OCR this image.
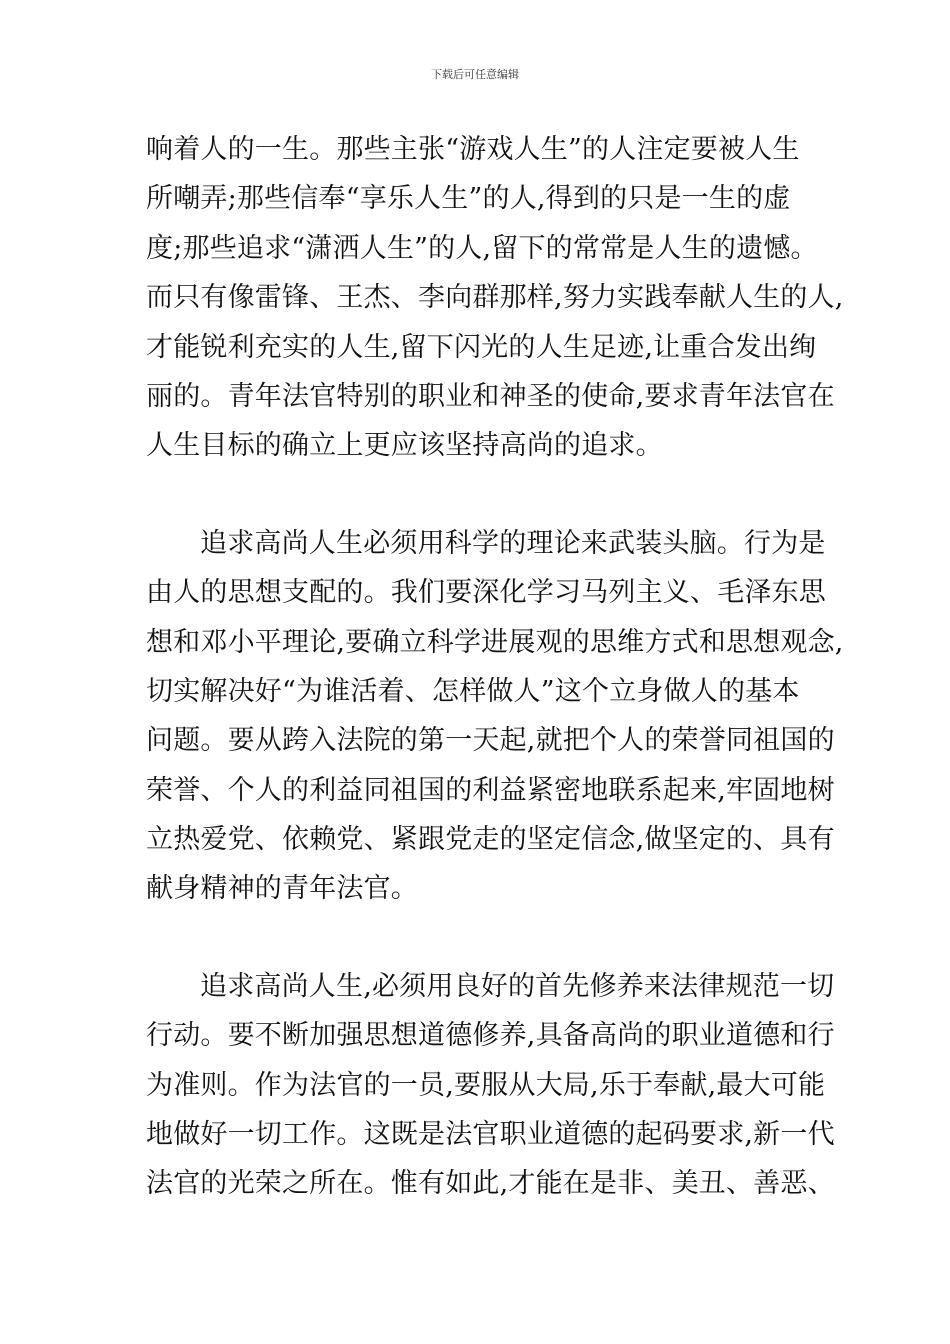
下载后可任意编辑
响着人的一生。那些主张“游戏人生”的人注定要被人生
所嘲弄;那些信奉“享乐人生”的人,得到的只是一生的虚
度;那些追求“潇洒人生”的人,留下的常常是人生的遗憾。
而只有像雷锋、王杰、李向群那样,努力实践奉献人生的人,
才能锐利充实的人生,留下闪光的人生足迹,让重合发出绚
丽的。青年法官特别的职业和神圣的使命,要求青年法官在
人生目标的确立上更应该坚持高尚的追求。
追求高尚人生必须用科学的理论来武装头脑。行为是
由人的思想支配的。我们要深化学习马列主义、毛泽东思
想和邓小平理论,要确立科学进展观的思维方式和思想观念,
切实解决好“为谁活着、怎样做人”这个立身做人的基本
问题。要从跨入法院的第一天起,就把个人的荣誉同祖国的
荣誉、个人的利益同祖国的利益紧密地联系起来,牢固地树
立热爱党、依赖党、紧跟党走的坚定信念,做坚定的、具有
献身精神的青年法官。
追求高尚人生,必须用良好的首先修养来法律规范一切
行动。要不断加强思想道德修养,具备高尚的职业道德和行
为准则。作为法官的一员,要服从大局,乐于奉献,最大可能
地做好一切工作。这既是法官职业道德的起码要求,新一代
法官的光荣之所在。惟有如此,才能在是非、美丑、善恶、
